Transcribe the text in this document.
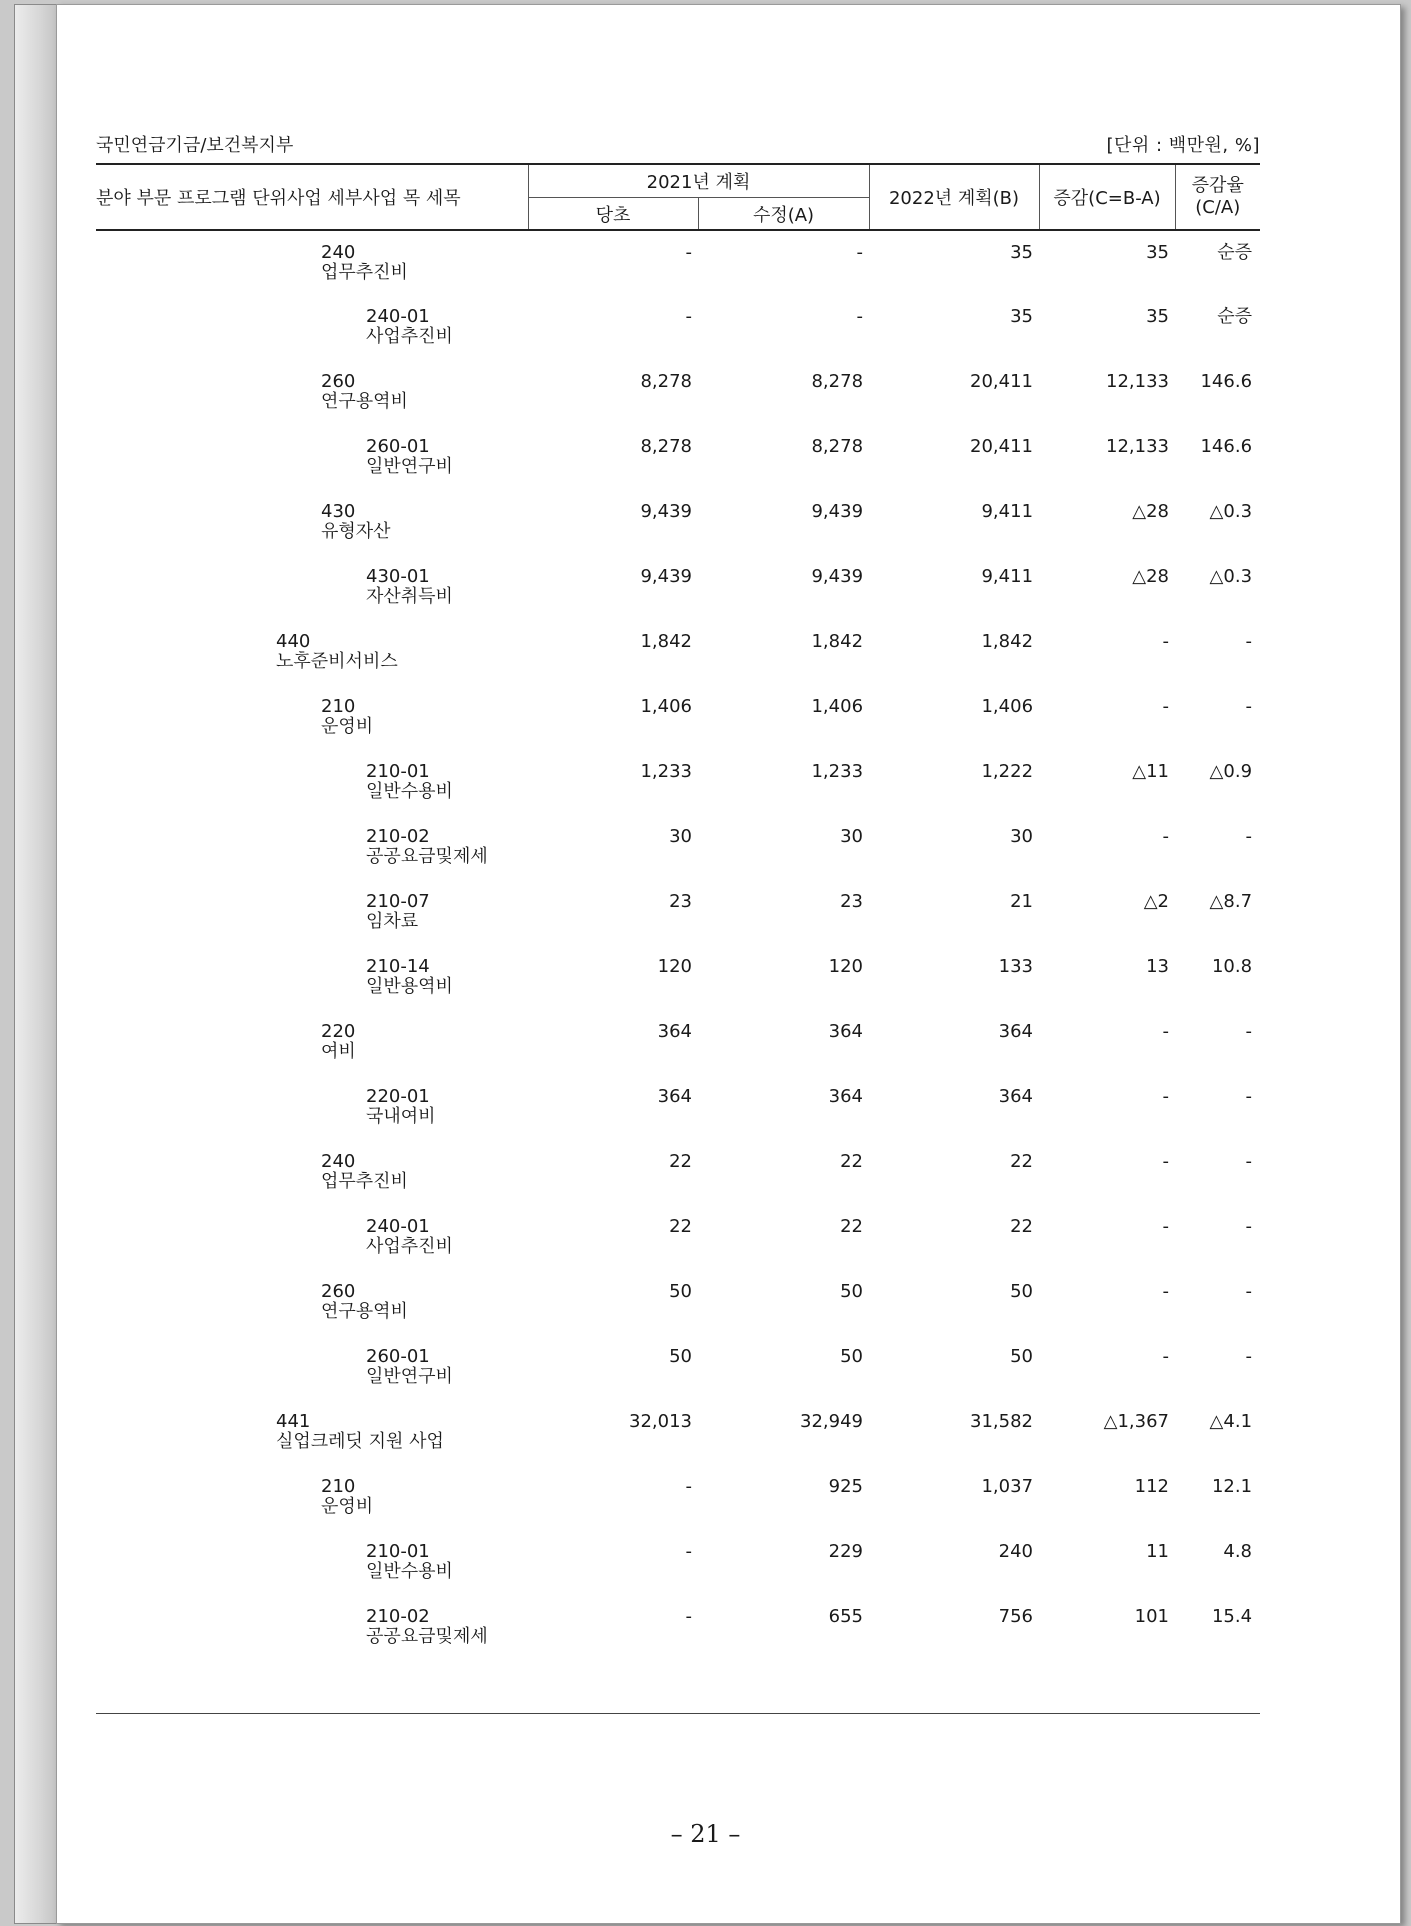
국민연금기금/보건복지부	[단위 : 백만원, %]
분야 부문 프로그램 단위사업 세부사업 목 세목	2021년 계획		2022년 계획(B)	증감(C=B-A)	증감율
(C/A)
	당초	수정(A)			

240
업무추진비	-	-	35	35	순증

240-01
사업추진비	-	-	35	35	순증

260
연구용역비	8,278	8,278	20,411	12,133	146.6

260-01
일반연구비	8,278	8,278	20,411	12,133	146.6

430
유형자산	9,439	9,439	9,411	△28	△0.3

430-01
자산취득비	9,439	9,439	9,411	△28	△0.3

440
노후준비서비스	1,842	1,842	1,842	-	-

210
운영비	1,406	1,406	1,406	-	-

210-01
일반수용비	1,233	1,233	1,222	△11	△0.9

210-02
공공요금및제세	30	30	30	-	-

210-07
임차료	23	23	21	△2	△8.7

210-14
일반용역비	120	120	133	13	10.8

220
여비	364	364	364	-	-

220-01
국내여비	364	364	364	-	-

240
업무추진비	22	22	22	-	-

240-01
사업추진비	22	22	22	-	-

260
연구용역비	50	50	50	-	-

260-01
일반연구비	50	50	50	-	-

441
실업크레딧 지원 사업	32,013	32,949	31,582	△1,367	△4.1

210
운영비	-	925	1,037	112	12.1

210-01
일반수용비	-	229	240	11	4.8

210-02
공공요금및제세	-	655	756	101	15.4
– 21 –
